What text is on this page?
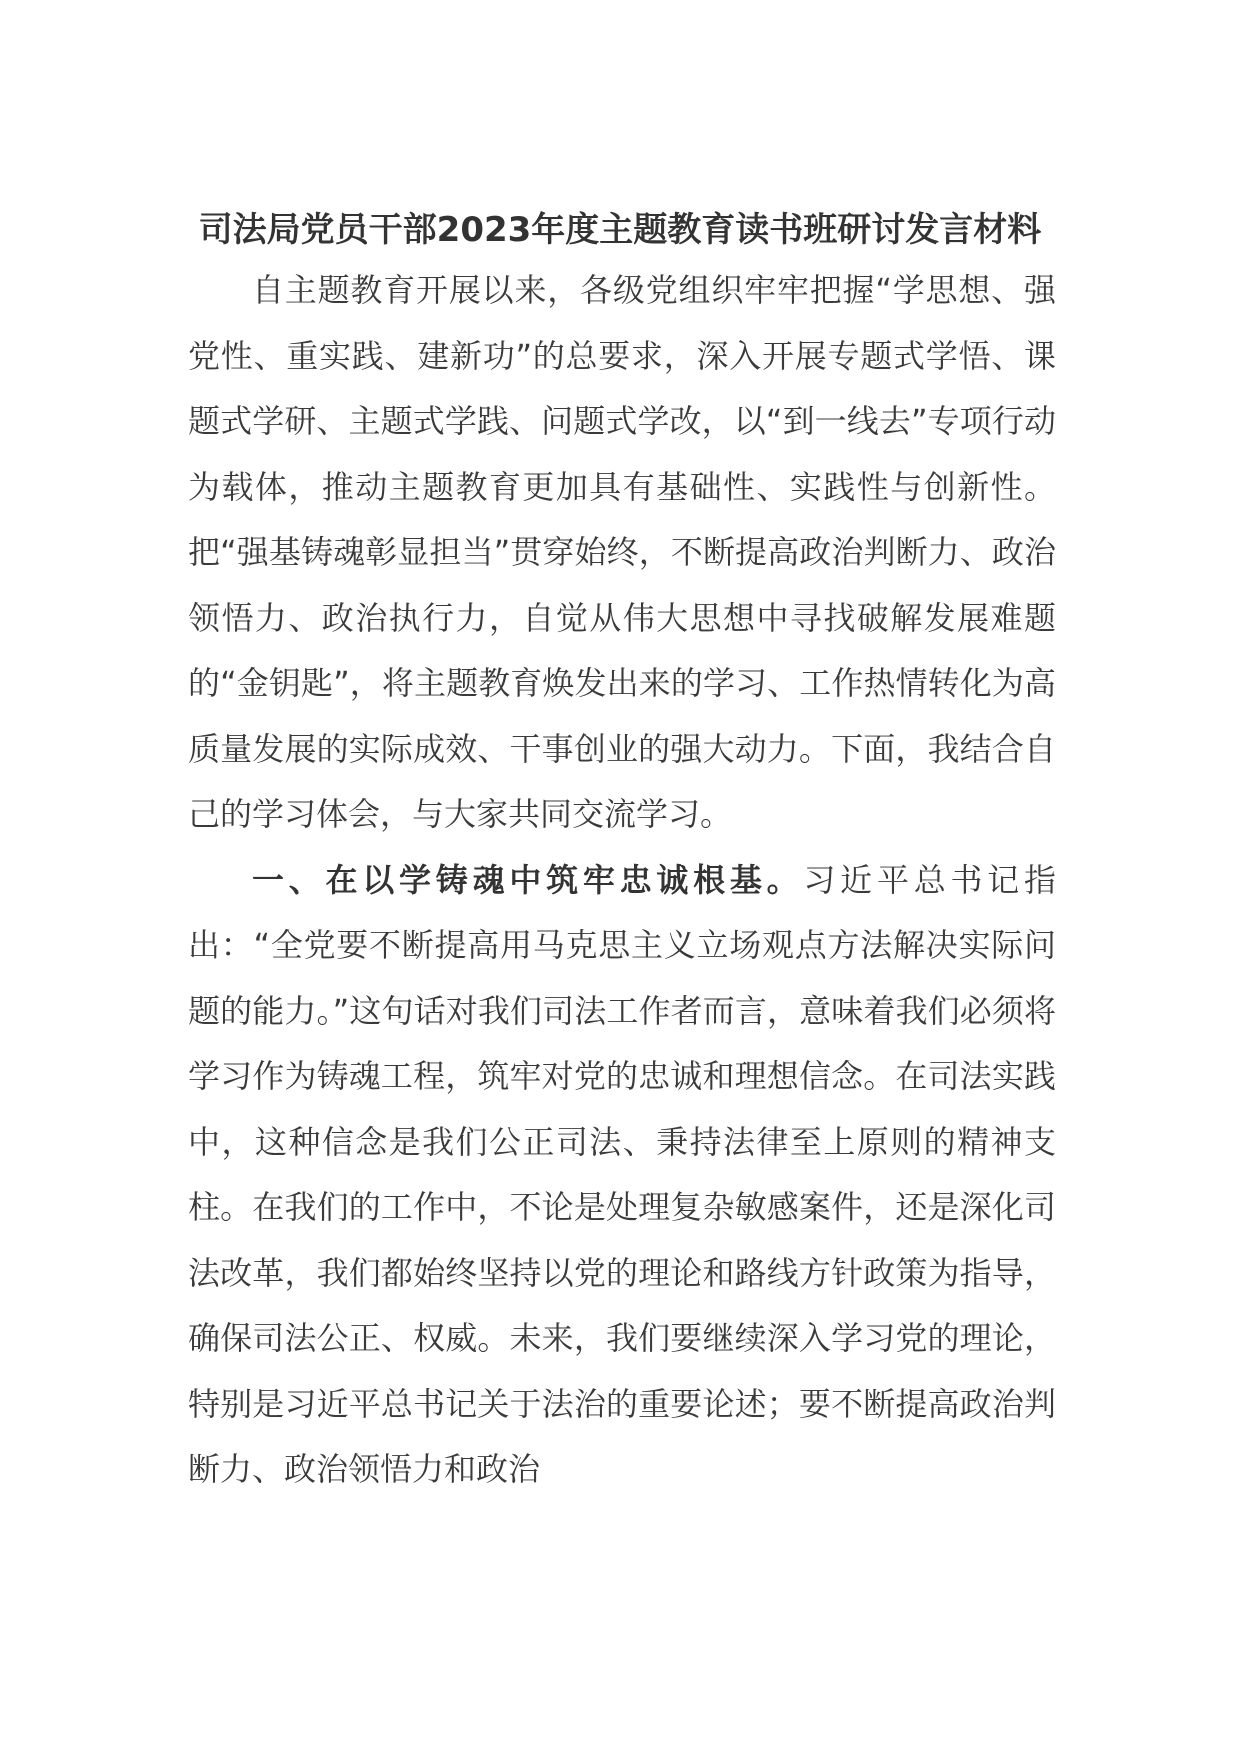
司法局党员干部2023年度主题教育读书班研讨发言材料

自主题教育开展以来，各级党组织牢牢把握“学思想、强党性、重实践、建新功”的总要求，深入开展专题式学悟、课题式学研、主题式学践、问题式学改，以“到一线去”专项行动为载体，推动主题教育更加具有基础性、实践性与创新性。把“强基铸魂彰显担当”贯穿始终，不断提高政治判断力、政治领悟力、政治执行力，自觉从伟大思想中寻找破解发展难题的“金钥匙”，将主题教育焕发出来的学习、工作热情转化为高质量发展的实际成效、干事创业的强大动力。下面，我结合自己的学习体会，与大家共同交流学习。

一、在以学铸魂中筑牢忠诚根基。习近平总书记指出：“全党要不断提高用马克思主义立场观点方法解决实际问题的能力。”这句话对我们司法工作者而言，意味着我们必须将学习作为铸魂工程，筑牢对党的忠诚和理想信念。在司法实践中，这种信念是我们公正司法、秉持法律至上原则的精神支柱。在我们的工作中，不论是处理复杂敏感案件，还是深化司法改革，我们都始终坚持以党的理论和路线方针政策为指导，确保司法公正、权威。未来，我们要继续深入学习党的理论，特别是习近平总书记关于法治的重要论述；要不断提高政治判断力、政治领悟力和政治
